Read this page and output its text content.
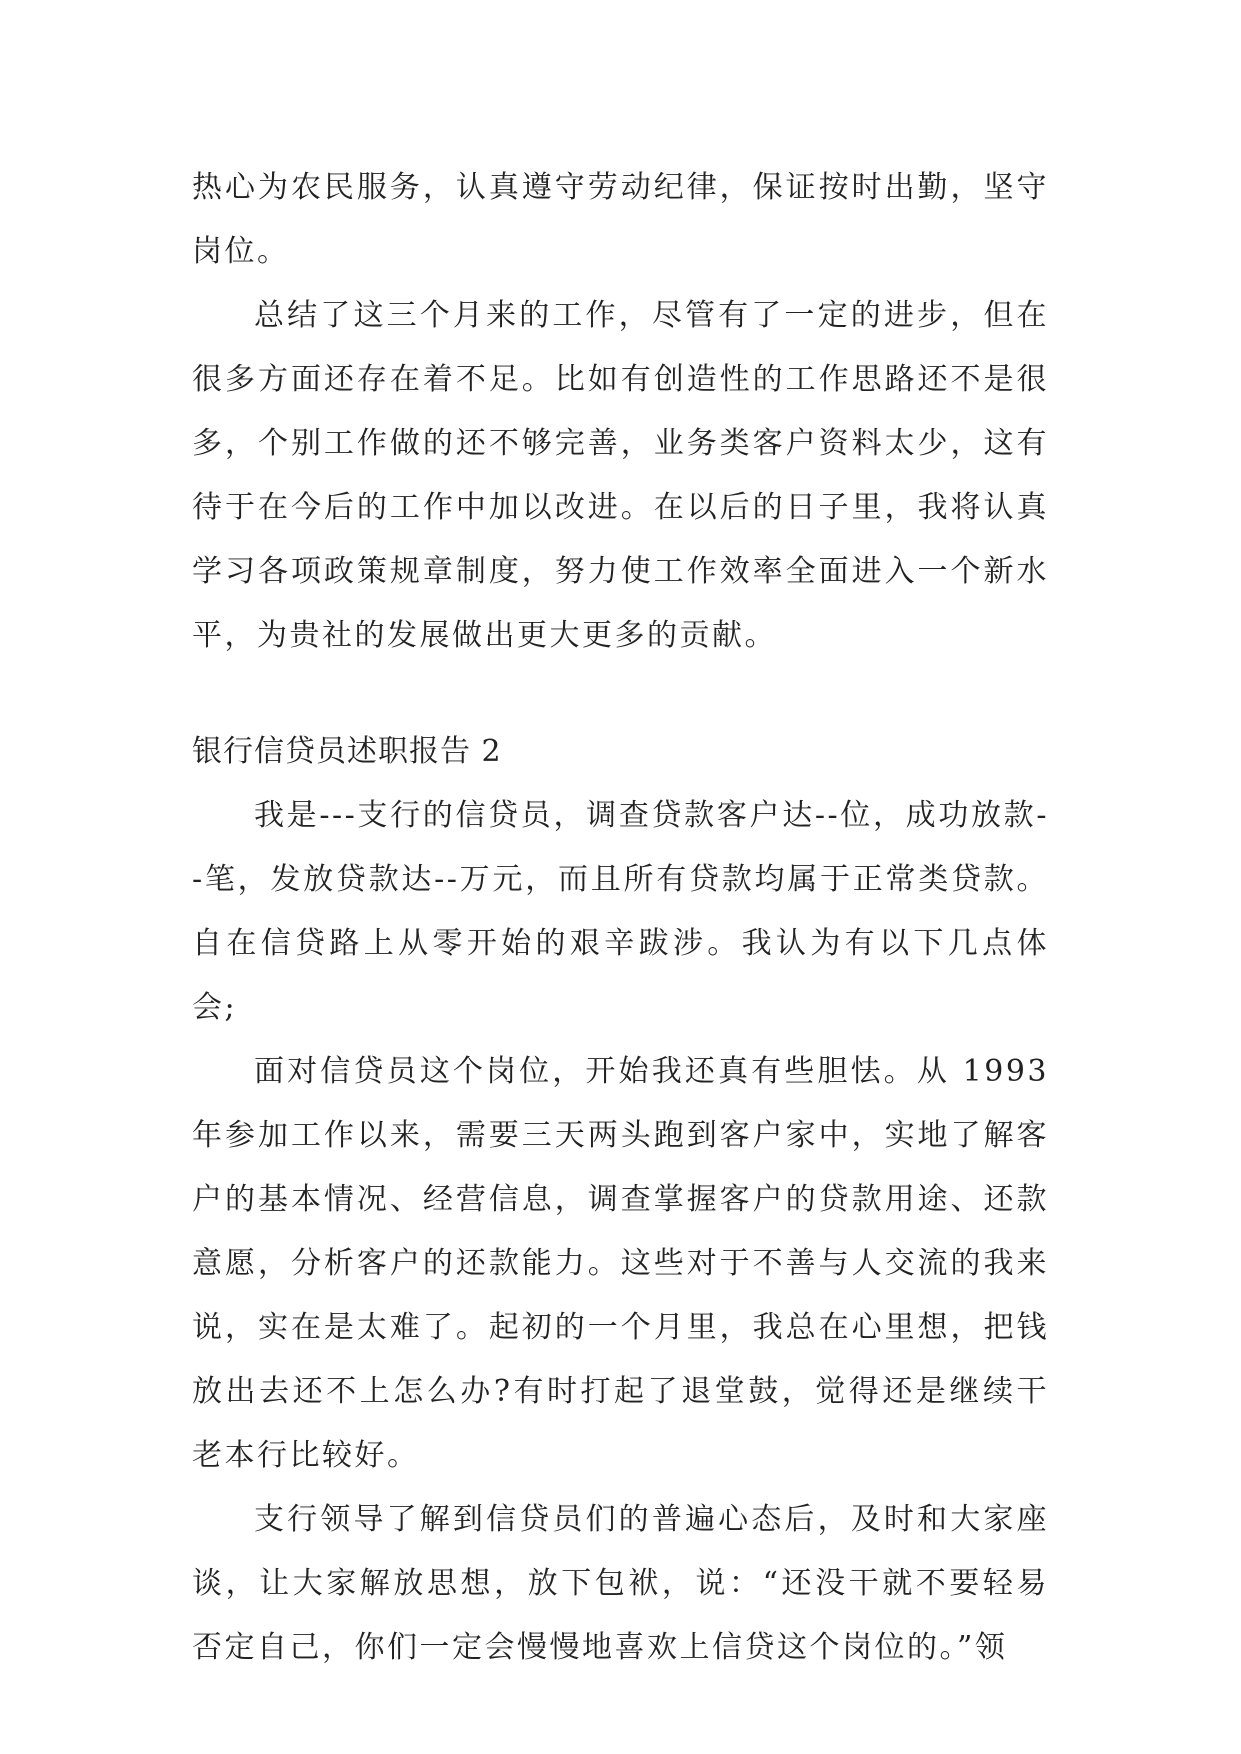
热心为农民服务，认真遵守劳动纪律，保证按时出勤，坚守岗位。

总结了这三个月来的工作，尽管有了一定的进步，但在很多方面还存在着不足。比如有创造性的工作思路还不是很多，个别工作做的还不够完善，业务类客户资料太少，这有待于在今后的工作中加以改进。在以后的日子里，我将认真学习各项政策规章制度，努力使工作效率全面进入一个新水平，为贵社的发展做出更大更多的贡献。

银行信贷员述职报告 2

我是---支行的信贷员，调查贷款客户达--位，成功放款--笔，发放贷款达--万元，而且所有贷款均属于正常类贷款。自在信贷路上从零开始的艰辛跋涉。我认为有以下几点体会;

面对信贷员这个岗位，开始我还真有些胆怯。从 1993 年参加工作以来，需要三天两头跑到客户家中，实地了解客户的基本情况、经营信息，调查掌握客户的贷款用途、还款意愿，分析客户的还款能力。这些对于不善与人交流的我来说，实在是太难了。起初的一个月里，我总在心里想，把钱放出去还不上怎么办?有时打起了退堂鼓，觉得还是继续干老本行比较好。

支行领导了解到信贷员们的普遍心态后，及时和大家座谈，让大家解放思想，放下包袱，说：“还没干就不要轻易否定自己，你们一定会慢慢地喜欢上信贷这个岗位的。”领
